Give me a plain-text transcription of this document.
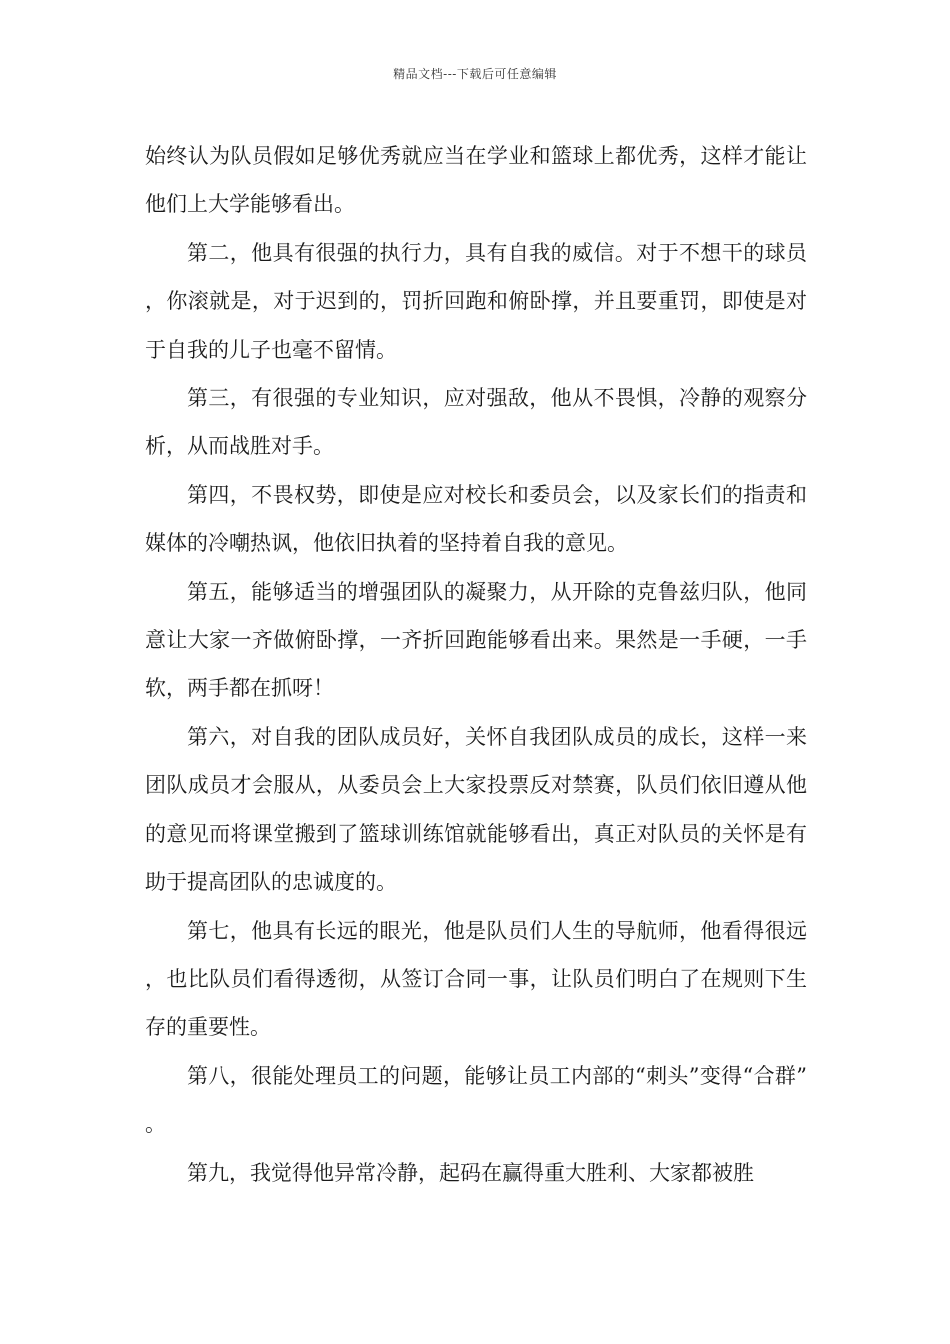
精品文档---下载后可任意编辑

始终认为队员假如足够优秀就应当在学业和篮球上都优秀，这样才能让他们上大学能够看出。

第二，他具有很强的执行力，具有自我的威信。对于不想干的球员，你滚就是，对于迟到的，罚折回跑和俯卧撑，并且要重罚，即使是对于自我的儿子也毫不留情。

第三，有很强的专业知识，应对强敌，他从不畏惧，冷静的观察分析，从而战胜对手。

第四，不畏权势，即使是应对校长和委员会，以及家长们的指责和媒体的冷嘲热讽，他依旧执着的坚持着自我的意见。

第五，能够适当的增强团队的凝聚力，从开除的克鲁兹归队，他同意让大家一齐做俯卧撑，一齐折回跑能够看出来。果然是一手硬，一手软，两手都在抓呀！

第六，对自我的团队成员好，关怀自我团队成员的成长，这样一来团队成员才会服从，从委员会上大家投票反对禁赛，队员们依旧遵从他的意见而将课堂搬到了篮球训练馆就能够看出，真正对队员的关怀是有助于提高团队的忠诚度的。

第七，他具有长远的眼光，他是队员们人生的导航师，他看得很远，也比队员们看得透彻，从签订合同一事，让队员们明白了在规则下生存的重要性。

第八，很能处理员工的问题，能够让员工内部的“刺头”变得“合群”。

第九，我觉得他异常冷静，起码在赢得重大胜利、大家都被胜
